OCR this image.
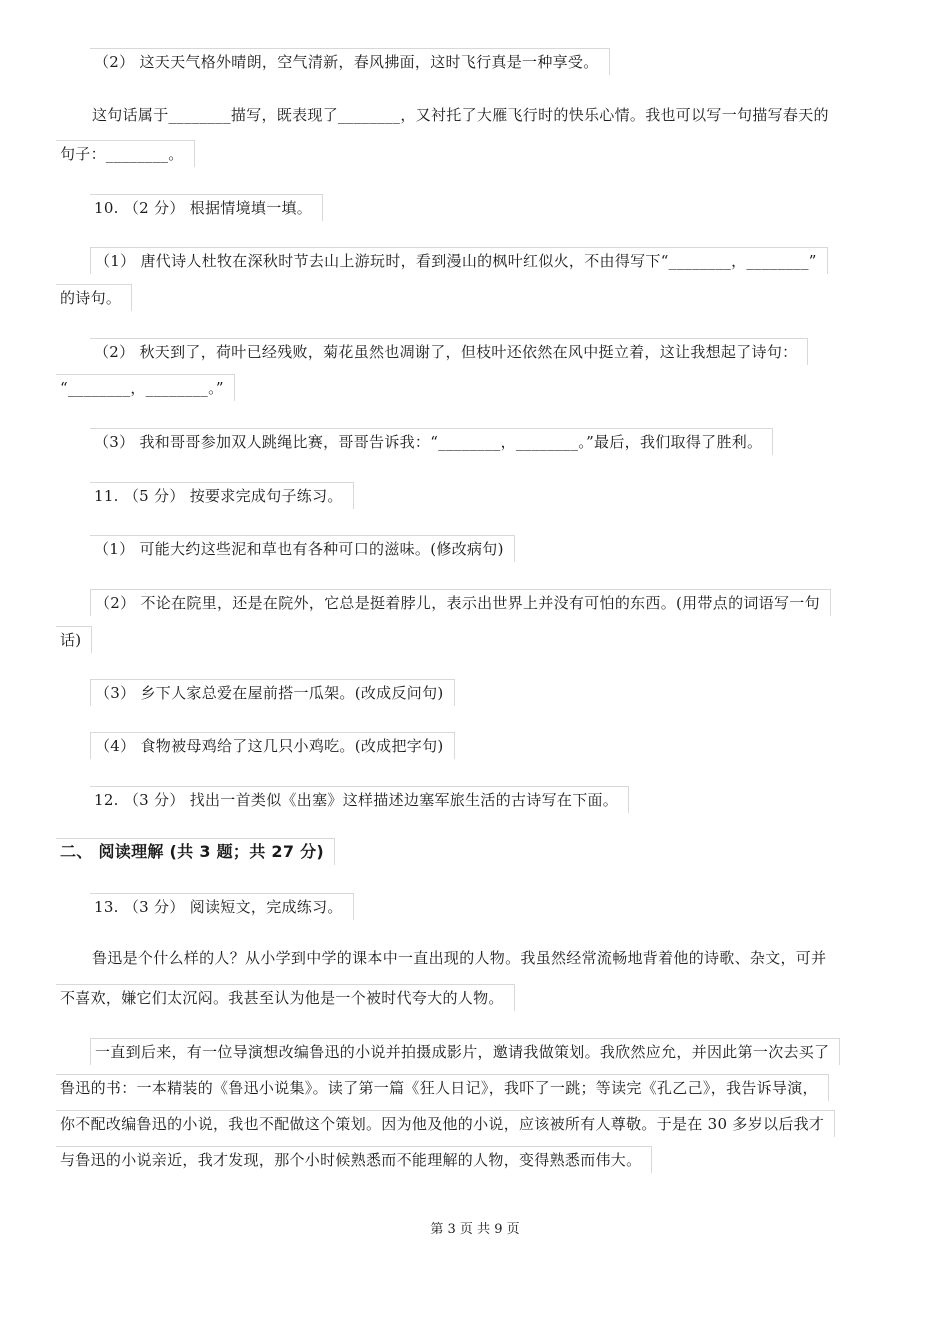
（2） 这天天气格外晴朗，空气清新，春风拂面，这时飞行真是一种享受。
这句话属于________描写，既表现了________，又衬托了大雁飞行时的快乐心情。我也可以写一句描写春天的
句子：________。
10. （2 分） 根据情境填一填。
（1） 唐代诗人杜牧在深秋时节去山上游玩时，看到漫山的枫叶红似火，不由得写下“________，________”
的诗句。
（2） 秋天到了，荷叶已经残败，菊花虽然也凋谢了，但枝叶还依然在风中挺立着，这让我想起了诗句：
“________，________。”
（3） 我和哥哥参加双人跳绳比赛，哥哥告诉我：“________，________。”最后，我们取得了胜利。
11. （5 分） 按要求完成句子练习。
（1） 可能大约这些泥和草也有各种可口的滋味。(修改病句)
（2） 不论在院里，还是在院外，它总是挺着脖儿，表示出世界上并没有可怕的东西。(用带点的词语写一句
话)
（3） 乡下人家总爱在屋前搭一瓜架。(改成反问句)
（4） 食物被母鸡给了这几只小鸡吃。(改成把字句)
12. （3 分） 找出一首类似《出塞》这样描述边塞军旅生活的古诗写在下面。
二、 阅读理解 (共 3 题；共 27 分)
13. （3 分） 阅读短文，完成练习。
鲁迅是个什么样的人？从小学到中学的课本中一直出现的人物。我虽然经常流畅地背着他的诗歌、杂文，可并
不喜欢，嫌它们太沉闷。我甚至认为他是一个被时代夸大的人物。
一直到后来，有一位导演想改编鲁迅的小说并拍摄成影片，邀请我做策划。我欣然应允，并因此第一次去买了
鲁迅的书：一本精装的《鲁迅小说集》。读了第一篇《狂人日记》，我吓了一跳；等读完《孔乙己》，我告诉导演，
你不配改编鲁迅的小说，我也不配做这个策划。因为他及他的小说，应该被所有人尊敬。于是在 30 多岁以后我才
与鲁迅的小说亲近，我才发现，那个小时候熟悉而不能理解的人物，变得熟悉而伟大。
第 3 页 共 9 页
